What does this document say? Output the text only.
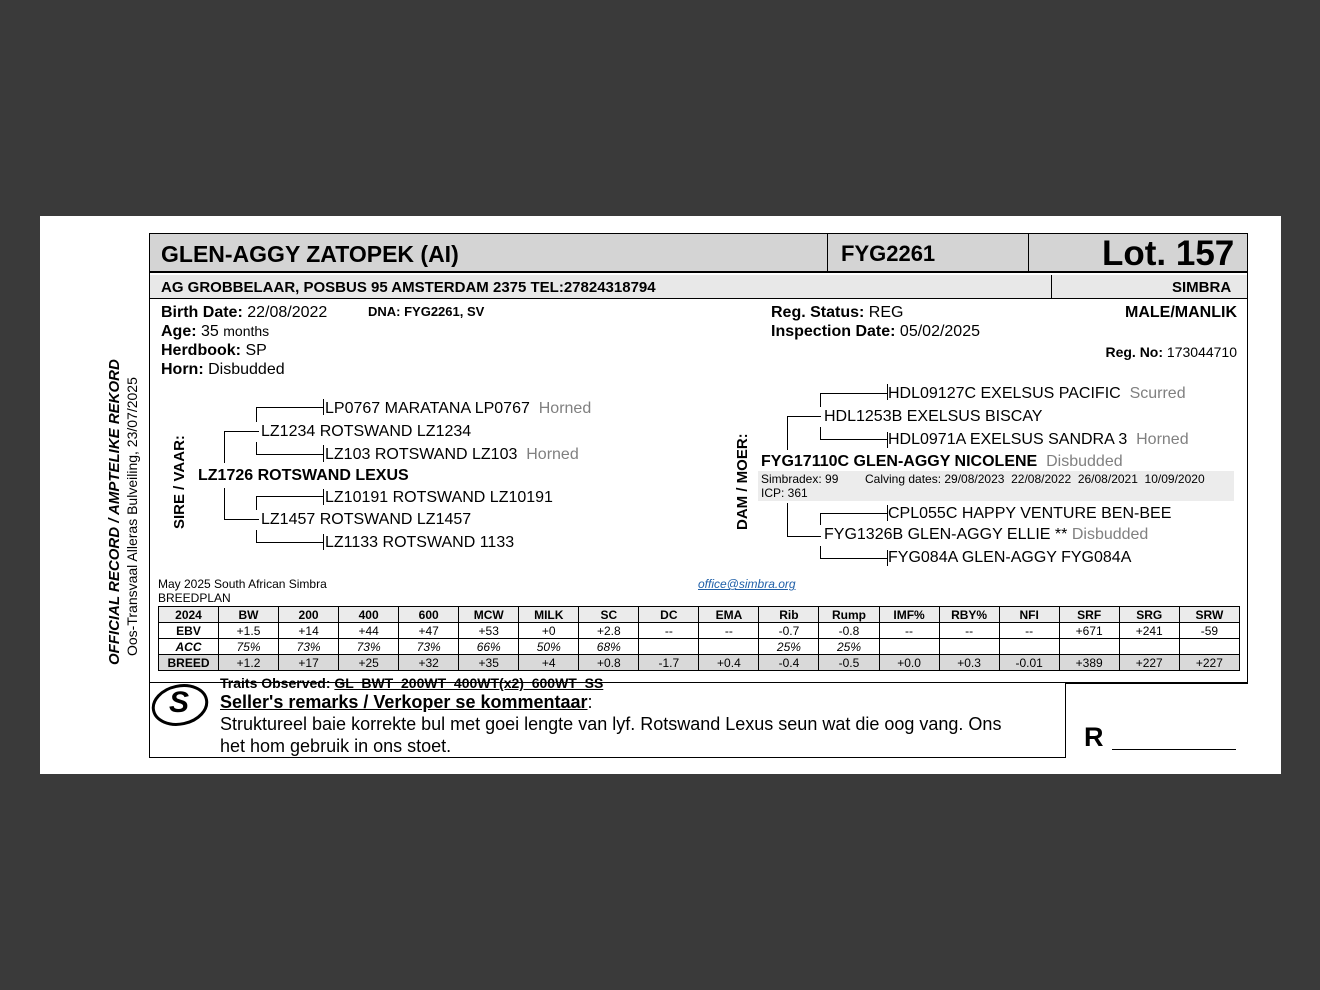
OFFICIAL RECORD / AMPTELIKE REKORD Oos-Transvaal Alleras Bulveiling, 23/07/2025
GLEN-AGGY ZATOPEK (AI)	FYG2261	Lot. 157
AG GROBBELAAR, POSBUS 95 AMSTERDAM 2375 TEL:27824318794	SIMBRA
Birth Date: 22/08/2022	DNA: FYG2261, SV
Age: 35 months
Herdbook: SP
Horn: Disbudded
Reg. Status: REG
Inspection Date: 05/02/2025
MALE/MANLIK
Reg. No: 173044710
SIRE / VAAR: LZ1726 ROTSWAND LEXUS
LZ1234 ROTSWAND LZ1234
LZ1457 ROTSWAND LZ1457
LP0767 MARATANA LP0767 Horned
LZ103 ROTSWAND LZ103 Horned
LZ10191 ROTSWAND LZ10191
LZ1133 ROTSWAND 1133
DAM / MOER: FYG17110C GLEN-AGGY NICOLENE Disbudded
Simbradex: 99
ICP: 361
Calving dates: 29/08/2023  22/08/2022  26/08/2021  10/09/2020
HDL1253B EXELSUS BISCAY
FYG1326B GLEN-AGGY ELLIE ** Disbudded
HDL09127C EXELSUS PACIFIC Scurred
HDL0971A EXELSUS SANDRA 3 Horned
CPL055C HAPPY VENTURE BEN-BEE
FYG084A GLEN-AGGY FYG084A
May 2025 South African Simbra
BREEDPLAN
office@simbra.org
2024	BW	200	400	600	MCW	MILK	SC	DC	EMA	Rib	Rump	IMF%	RBY%	NFI	SRF	SRG	SRW
EBV	+1.5	+14	+44	+47	+53	+0	+2.8	--	--	-0.7	-0.8	--	--	--	+671	+241	-59
ACC	75%	73%	73%	73%	66%	50%	68%			25%	25%						
BREED	+1.2	+17	+25	+32	+35	+4	+0.8	-1.7	+0.4	-0.4	-0.5	+0.0	+0.3	-0.01	+389	+227	+227
S
Traits Observed: GL  BWT  200WT  400WT(x2)  600WT  SS
Seller's remarks / Verkoper se kommentaar:
Struktureel baie korrekte bul met goei lengte van lyf. Rotswand Lexus seun wat die oog vang. Ons
het hom gebruik in ons stoet.	R
